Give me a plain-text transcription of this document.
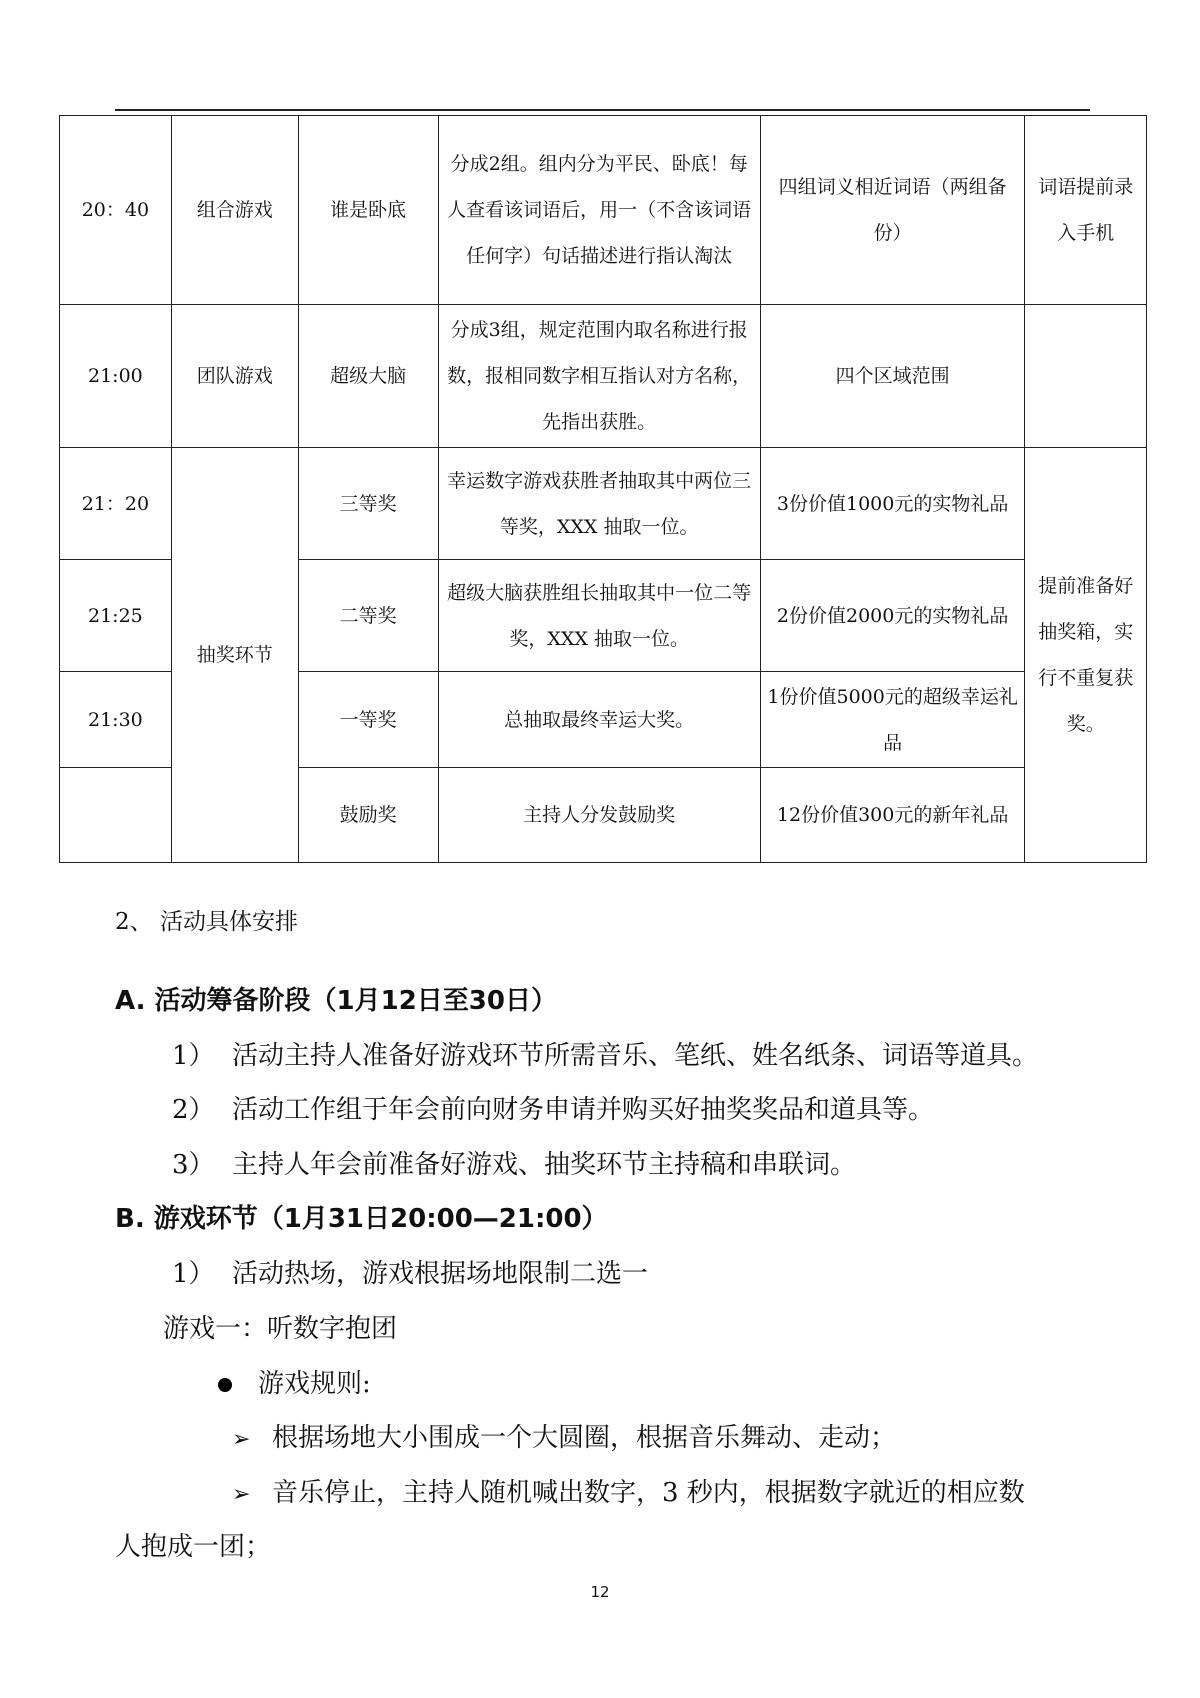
20：40	组合游戏	谁是卧底	分成2组。组内分为平民、卧底！每人查看该词语后，用一（不含该词语任何字）句话描述进行指认淘汰	四组词义相近词语（两组备份）	词语提前录入手机
21:00	团队游戏	超级大脑	分成3组，规定范围内取名称进行报数，报相同数字相互指认对方名称，先指出获胜。	四个区域范围	
21：20	抽奖环节	三等奖	幸运数字游戏获胜者抽取其中两位三等奖，XXX 抽取一位。	3份价值1000元的实物礼品	提前准备好抽奖箱，实行不重复获奖。
21:25		二等奖	超级大脑获胜组长抽取其中一位二等奖，XXX 抽取一位。	2份价值2000元的实物礼品	
21:30		一等奖	总抽取最终幸运大奖。	1份价值5000元的超级幸运礼品	
		鼓励奖	主持人分发鼓励奖	12份价值300元的新年礼品	
2、 活动具体安排
A. 活动筹备阶段（1月12日至30日）
1） 活动主持人准备好游戏环节所需音乐、笔纸、姓名纸条、词语等道具。
2） 活动工作组于年会前向财务申请并购买好抽奖奖品和道具等。
3） 主持人年会前准备好游戏、抽奖环节主持稿和串联词。
B. 游戏环节（1月31日20:00—21:00）
1） 活动热场，游戏根据场地限制二选一
游戏一：听数字抱团
游戏规则:
➢ 根据场地大小围成一个大圆圈，根据音乐舞动、走动；
➢ 音乐停止，主持人随机喊出数字，3 秒内，根据数字就近的相应数
人抱成一团；
12
